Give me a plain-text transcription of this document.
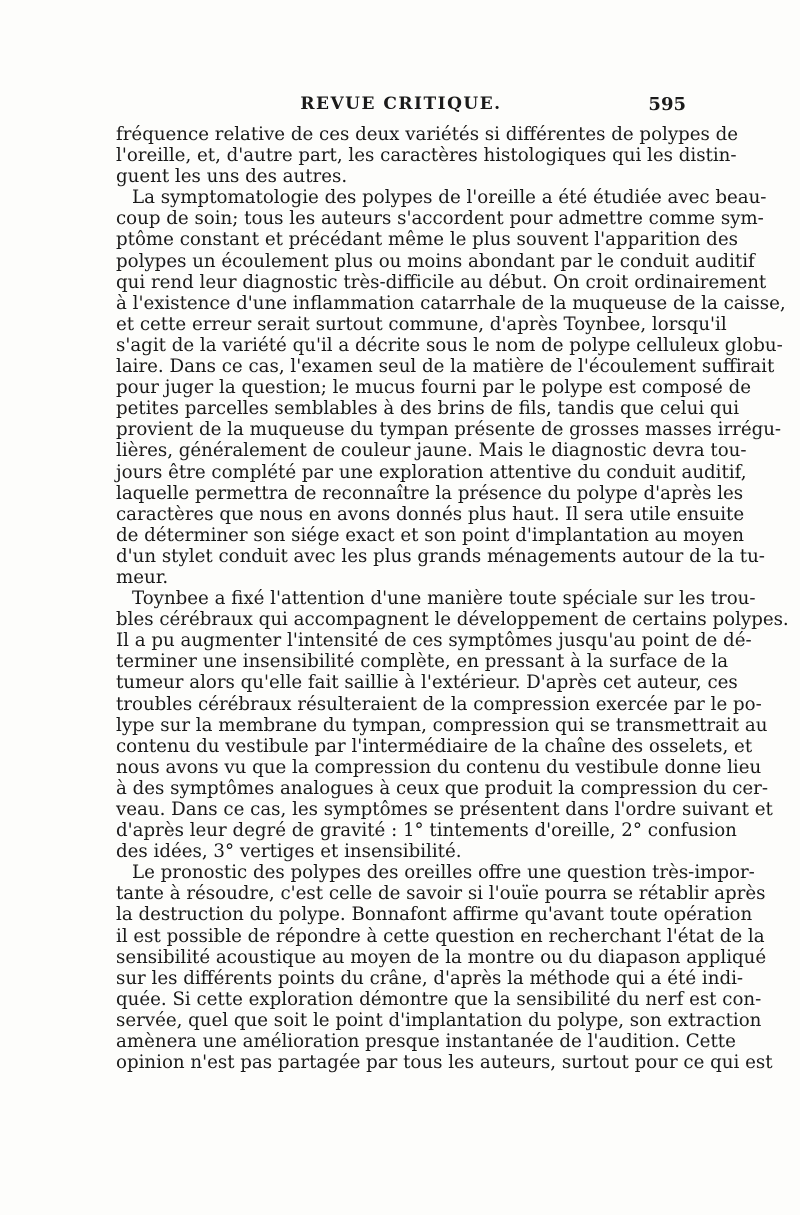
REVUE CRITIQUE.	595
fréquence relative de ces deux variétés si différentes de polypes de
l'oreille, et, d'autre part, les caractères histologiques qui les distin-
guent les uns des autres.
La symptomatologie des polypes de l'oreille a été étudiée avec beau-
coup de soin; tous les auteurs s'accordent pour admettre comme sym-
ptôme constant et précédant même le plus souvent l'apparition des
polypes un écoulement plus ou moins abondant par le conduit auditif
qui rend leur diagnostic très-difficile au début. On croit ordinairement
à l'existence d'une inflammation catarrhale de la muqueuse de la caisse,
et cette erreur serait surtout commune, d'après Toynbee, lorsqu'il
s'agit de la variété qu'il a décrite sous le nom de polype celluleux globu-
laire. Dans ce cas, l'examen seul de la matière de l'écoulement suffirait
pour juger la question; le mucus fourni par le polype est composé de
petites parcelles semblables à des brins de fils, tandis que celui qui
provient de la muqueuse du tympan présente de grosses masses irrégu-
lières, généralement de couleur jaune. Mais le diagnostic devra tou-
jours être complété par une exploration attentive du conduit auditif,
laquelle permettra de reconnaître la présence du polype d'après les
caractères que nous en avons donnés plus haut. Il sera utile ensuite
de déterminer son siége exact et son point d'implantation au moyen
d'un stylet conduit avec les plus grands ménagements autour de la tu-
meur.
Toynbee a fixé l'attention d'une manière toute spéciale sur les trou-
bles cérébraux qui accompagnent le développement de certains polypes.
Il a pu augmenter l'intensité de ces symptômes jusqu'au point de dé-
terminer une insensibilité complète, en pressant à la surface de la
tumeur alors qu'elle fait saillie à l'extérieur. D'après cet auteur, ces
troubles cérébraux résulteraient de la compression exercée par le po-
lype sur la membrane du tympan, compression qui se transmettrait au
contenu du vestibule par l'intermédiaire de la chaîne des osselets, et
nous avons vu que la compression du contenu du vestibule donne lieu
à des symptômes analogues à ceux que produit la compression du cer-
veau. Dans ce cas, les symptômes se présentent dans l'ordre suivant et
d'après leur degré de gravité : 1° tintements d'oreille, 2° confusion
des idées, 3° vertiges et insensibilité.
Le pronostic des polypes des oreilles offre une question très-impor-
tante à résoudre, c'est celle de savoir si l'ouïe pourra se rétablir après
la destruction du polype. Bonnafont affirme qu'avant toute opération
il est possible de répondre à cette question en recherchant l'état de la
sensibilité acoustique au moyen de la montre ou du diapason appliqué
sur les différents points du crâne, d'après la méthode qui a été indi-
quée. Si cette exploration démontre que la sensibilité du nerf est con-
servée, quel que soit le point d'implantation du polype, son extraction
amènera une amélioration presque instantanée de l'audition. Cette
opinion n'est pas partagée par tous les auteurs, surtout pour ce qui est
